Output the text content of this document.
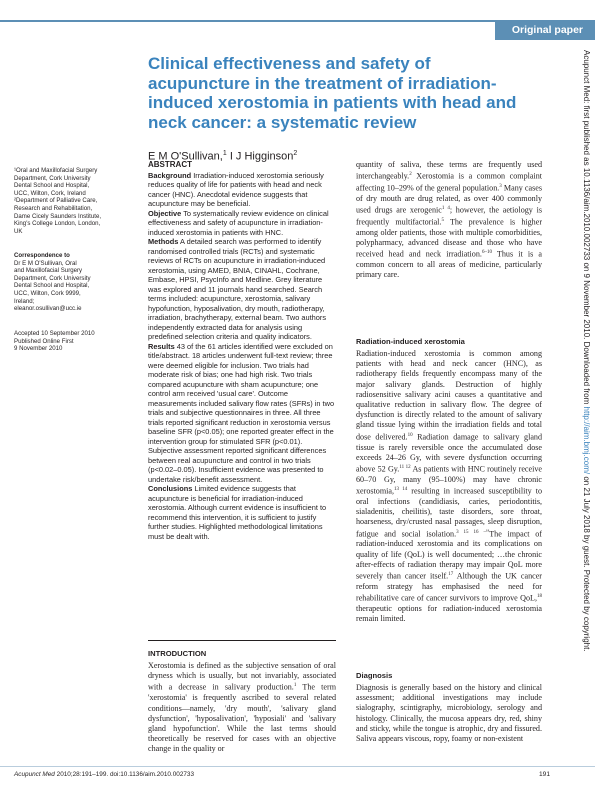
Original paper
Clinical effectiveness and safety of acupuncture in the treatment of irradiation-induced xerostomia in patients with head and neck cancer: a systematic review
E M O'Sullivan,$^1$ I J Higginson$^2$	Acupunct Med: first published as 10.1136/aim.2010.002733 on 9 November 2010. Downloaded from http://aim.bmj.com/ on 21 July 2018 by guest. Protected by copyright.
¹Oral and Maxillofacial Surgery
Department, Cork University
Dental School and Hospital,
UCC, Wilton, Cork, Ireland
²Department of Palliative Care,
Research and Rehabilitation,
Dame Cicely Saunders Institute,
King's College London, London,
UK
Correspondence to
Dr E M O'Sullivan, Oral
and Maxillofacial Surgery
Department, Cork University
Dental School and Hospital,
UCC, Wilton, Cork 9999,
Ireland;
eleanor.osullivan@ucc.ie
Accepted 10 September 2010
Published Online First
9 November 2010
ABSTRACT

Background Irradiation-induced xerostomia seriously reduces quality of life for patients with head and neck cancer (HNC). Anecdotal evidence suggests that acupuncture may be beneficial.

Objective To systematically review evidence on clinical effectiveness and safety of acupuncture in irradiation-induced xerostomia in patients with HNC.

Methods A detailed search was performed to identify randomised controlled trials (RCTs) and systematic reviews of RCTs on acupuncture in irradiation-induced xerostomia, using AMED, BNIA, CINAHL, Cochrane, Embase, HPSI, PsycInfo and Medline. Grey literature was explored and 11 journals hand searched. Search terms included: acupuncture, xerostomia, salivary hypofunction, hyposalivation, dry mouth, radiotherapy, irradiation, brachytherapy, external beam. Two authors independently extracted data for analysis using predefined selection criteria and quality indicators.

Results 43 of the 61 articles identified were excluded on title/abstract. 18 articles underwent full-text review; three were deemed eligible for inclusion. Two trials had moderate risk of bias; one had high risk. Two trials compared acupuncture with sham acupuncture; one control arm received 'usual care'. Outcome measurements included salivary flow rates (SFRs) in two trials and subjective questionnaires in three. All three trials reported significant reduction in xerostomia versus baseline SFR (p<0.05); one reported greater effect in the intervention group for stimulated SFR (p<0.01). Subjective assessment reported significant differences between real acupuncture and control in two trials (p<0.02–0.05). Insufficient evidence was presented to undertake risk/benefit assessment.

Conclusions Limited evidence suggests that acupuncture is beneficial for irradiation-induced xerostomia. Although current evidence is insufficient to recommend this intervention, it is sufficient to justify further studies. Highlighted methodological limitations must be dealt with.

INTRODUCTION

Xerostomia is defined as the subjective sensation of oral dryness which is usually, but not invariably, associated with a decrease in salivary production.$^1$ The term 'xerostomia' is frequently ascribed to several related conditions—namely, 'dry mouth', 'salivary gland dysfunction', 'hyposalivation', 'hyposiali' and 'salivary gland hypofunction'. While the last terms should theoretically be reserved for cases with an objective change in the quality or

quantity of saliva, these terms are frequently used interchangeably.$^2$ Xerostomia is a common complaint affecting 10–29% of the general population.$^3$ Many cases of dry mouth are drug related, as over 400 commonly used drugs are xerogenic$^{1 4}$; however, the aetiology is frequently multifactorial.$^5$ The prevalence is higher among older patients, those with multiple comorbidities, polypharmacy, advanced disease and those who have received head and neck irradiation.$^{6-10}$ Thus it is a common concern to all areas of medicine, particularly primary care.

Radiation-induced xerostomia

Radiation-induced xerostomia is common among patients with head and neck cancer (HNC), as radiotherapy fields frequently encompass many of the major salivary glands. Destruction of highly radiosensitive salivary acini causes a quantitative and qualitative reduction in salivary flow. The degree of dysfunction is directly related to the amount of salivary gland tissue lying within the irradiation fields and total dose delivered.$^{10}$ Radiation damage to salivary gland tissue is rarely reversible once the accumulated dose exceeds 24–26 Gy, with severe dysfunction occurring above 52 Gy.$^{11 12}$ As patients with HNC routinely receive 60–70 Gy, many (95–100%) may have chronic xerostomia,$^{13 14}$ resulting in increased susceptibility to oral infections (candidiasis, caries, periodontitis, sialadenitis, cheilitis), taste disorders, sore throat, hoarseness, dry/crusted nasal passages, sleep disruption, fatigue and social isolation.$^{3 15 16 -^{18}}$The impact of radiation-induced xerostomia and its complications on quality of life (QoL) is well documented; …the chronic after-effects of radiation therapy may impair QoL more severely than cancer itself.$^{17}$ Although the UK cancer reform strategy has emphasised the need for rehabilitative care of cancer survivors to improve QoL,$^{18}$ therapeutic options for radiation-induced xerostomia remain limited.

Diagnosis

Diagnosis is generally based on the history and clinical assessment; additional investigations may include sialography, scintigraphy, microbiology, serology and histology. Clinically, the mucosa appears dry, red, shiny and sticky, while the tongue is atrophic, dry and fissured. Saliva appears viscous, ropy, foamy or non-existent

Acupunct Med 2010;28:191–199. doi:10.1136/aim.2010.002733	191
